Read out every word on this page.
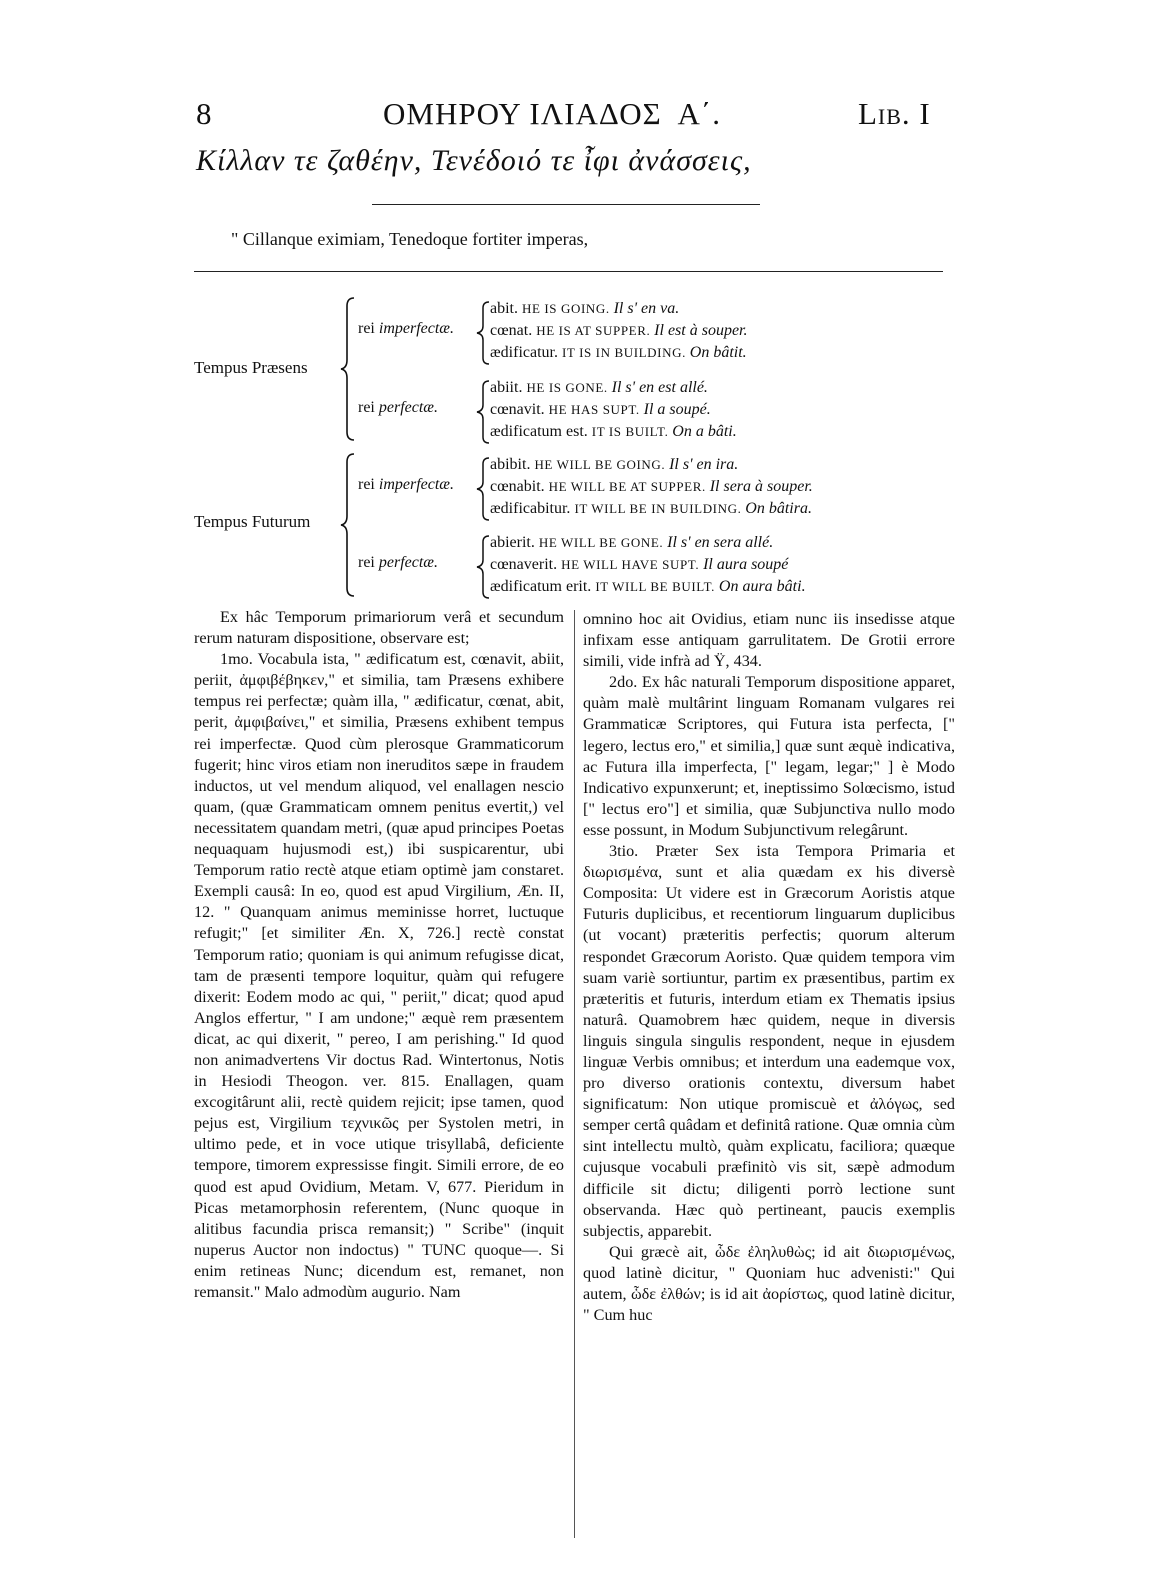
8	ΟΜΗΡΟΥ ΙΛΙΑΔΟΣ  Α΄.	Lib. I
Κίλλαν τε ζαθέην, Τενέδοιό τε ἶφι ἀνάσσεις,
" Cillanque eximiam, Tenedoque fortiter imperas,
Tempus Præsens
Tempus Futurum
rei imperfectæ.
abit. HE IS GOING. Il s' en va.
cœnat. HE IS AT SUPPER. Il est à souper.
ædificatur. IT IS IN BUILDING. On bâtit.
rei perfectæ.
abiit. HE IS GONE. Il s' en est allé.
cœnavit. HE HAS SUPT. Il a soupé.
ædificatum est. IT IS BUILT. On a bâti.
rei imperfectæ.
abibit. HE WILL BE GOING. Il s' en ira.
cœnabit. HE WILL BE AT SUPPER. Il sera à souper.
ædificabitur. IT WILL BE IN BUILDING. On bâtira.
rei perfectæ.
abierit. HE WILL BE GONE. Il s' en sera allé.
cœnaverit. HE WILL HAVE SUPT. Il aura soupé
ædificatum erit. IT WILL BE BUILT. On aura bâti.

Ex hâc Temporum primariorum verâ et secundum rerum naturam dispositione, observare est;

1mo. Vocabula ista, " ædificatum est, cœnavit, abiit, periit, ἀμφιβέβηκεν," et similia, tam Præsens exhibere tempus rei perfectæ; quàm illa, " ædificatur, cœnat, abit, perit, ἀμφιβαίνει," et similia, Præsens exhibent tempus rei imperfectæ. Quod cùm plerosque Grammaticorum fugerit; hinc viros etiam non ineruditos sæpe in fraudem inductos, ut vel mendum aliquod, vel enallagen nescio quam, (quæ Grammaticam omnem penitus evertit,) vel necessitatem quandam metri, (quæ apud principes Poetas nequaquam hujusmodi est,) ibi suspicarentur, ubi Temporum ratio rectè atque etiam optimè jam constaret. Exempli causâ: In eo, quod est apud Virgilium, Æn. II, 12. " Quanquam animus meminisse horret, luctuque refugit;" [et similiter Æn. X, 726.] rectè constat Temporum ratio; quoniam is qui animum refugisse dicat, tam de præsenti tempore loquitur, quàm qui refugere dixerit: Eodem modo ac qui, " periit," dicat; quod apud Anglos effertur, " I am undone;" æquè rem præsentem dicat, ac qui dixerit, " pereo, I am perishing." Id quod non animadvertens Vir doctus Rad. Wintertonus, Notis in Hesiodi Theogon. ver. 815. Enallagen, quam excogitârunt alii, rectè quidem rejicit; ipse tamen, quod pejus est, Virgilium τεχνικῶς per Systolen metri, in ultimo pede, et in voce utique trisyllabâ, deficiente tempore, timorem expressisse fingit. Simili errore, de eo quod est apud Ovidium, Metam. V, 677. Pieridum in Picas metamorphosin referentem, (Nunc quoque in alitibus facundia prisca remansit;) " Scribe" (inquit nuperus Auctor non indoctus) " TUNC quoque—. Si enim retineas Nunc; dicendum est, remanet, non remansit." Malo admodùm augurio. Nam

omnino hoc ait Ovidius, etiam nunc iis insedisse atque infixam esse antiquam garrulitatem. De Grotii errore simili, vide infrà ad Ϋ, 434.

2do. Ex hâc naturali Temporum dispositione apparet, quàm malè multârint linguam Romanam vulgares rei Grammaticæ Scriptores, qui Futura ista perfecta, [" legero, lectus ero," et similia,] quæ sunt æquè indicativa, ac Futura illa imperfecta, [" legam, legar;" ] è Modo Indicativo expunxerunt; et, ineptissimo Solœcismo, istud [" lectus ero"] et similia, quæ Subjunctiva nullo modo esse possunt, in Modum Subjunctivum relegârunt.

3tio. Præter Sex ista Tempora Primaria et διωρισμένα, sunt et alia quædam ex his diversè Composita: Ut videre est in Græcorum Aoristis atque Futuris duplicibus, et recentiorum linguarum duplicibus (ut vocant) præteritis perfectis; quorum alterum respondet Græcorum Aoristo. Quæ quidem tempora vim suam variè sortiuntur, partim ex præsentibus, partim ex præteritis et futuris, interdum etiam ex Thematis ipsius naturâ. Quamobrem hæc quidem, neque in diversis linguis singula singulis respondent, neque in ejusdem linguæ Verbis omnibus; et interdum una eademque vox, pro diverso orationis contextu, diversum habet significatum: Non utique promiscuè et ἀλόγως, sed semper certâ quâdam et definitâ ratione. Quæ omnia cùm sint intellectu multò, quàm explicatu, faciliora; quæque cujusque vocabuli præfinitò vis sit, sæpè admodum difficile sit dictu; diligenti porrò lectione sunt observanda. Hæc quò pertineant, paucis exemplis subjectis, apparebit.

Qui græcè ait, ὧδε ἐληλυθὼς; id ait διωρισμένως, quod latinè dicitur, " Quoniam huc advenisti:" Qui autem, ὧδε ἐλθών; is id ait ἀορίστως, quod latinè dicitur, " Cum huc
